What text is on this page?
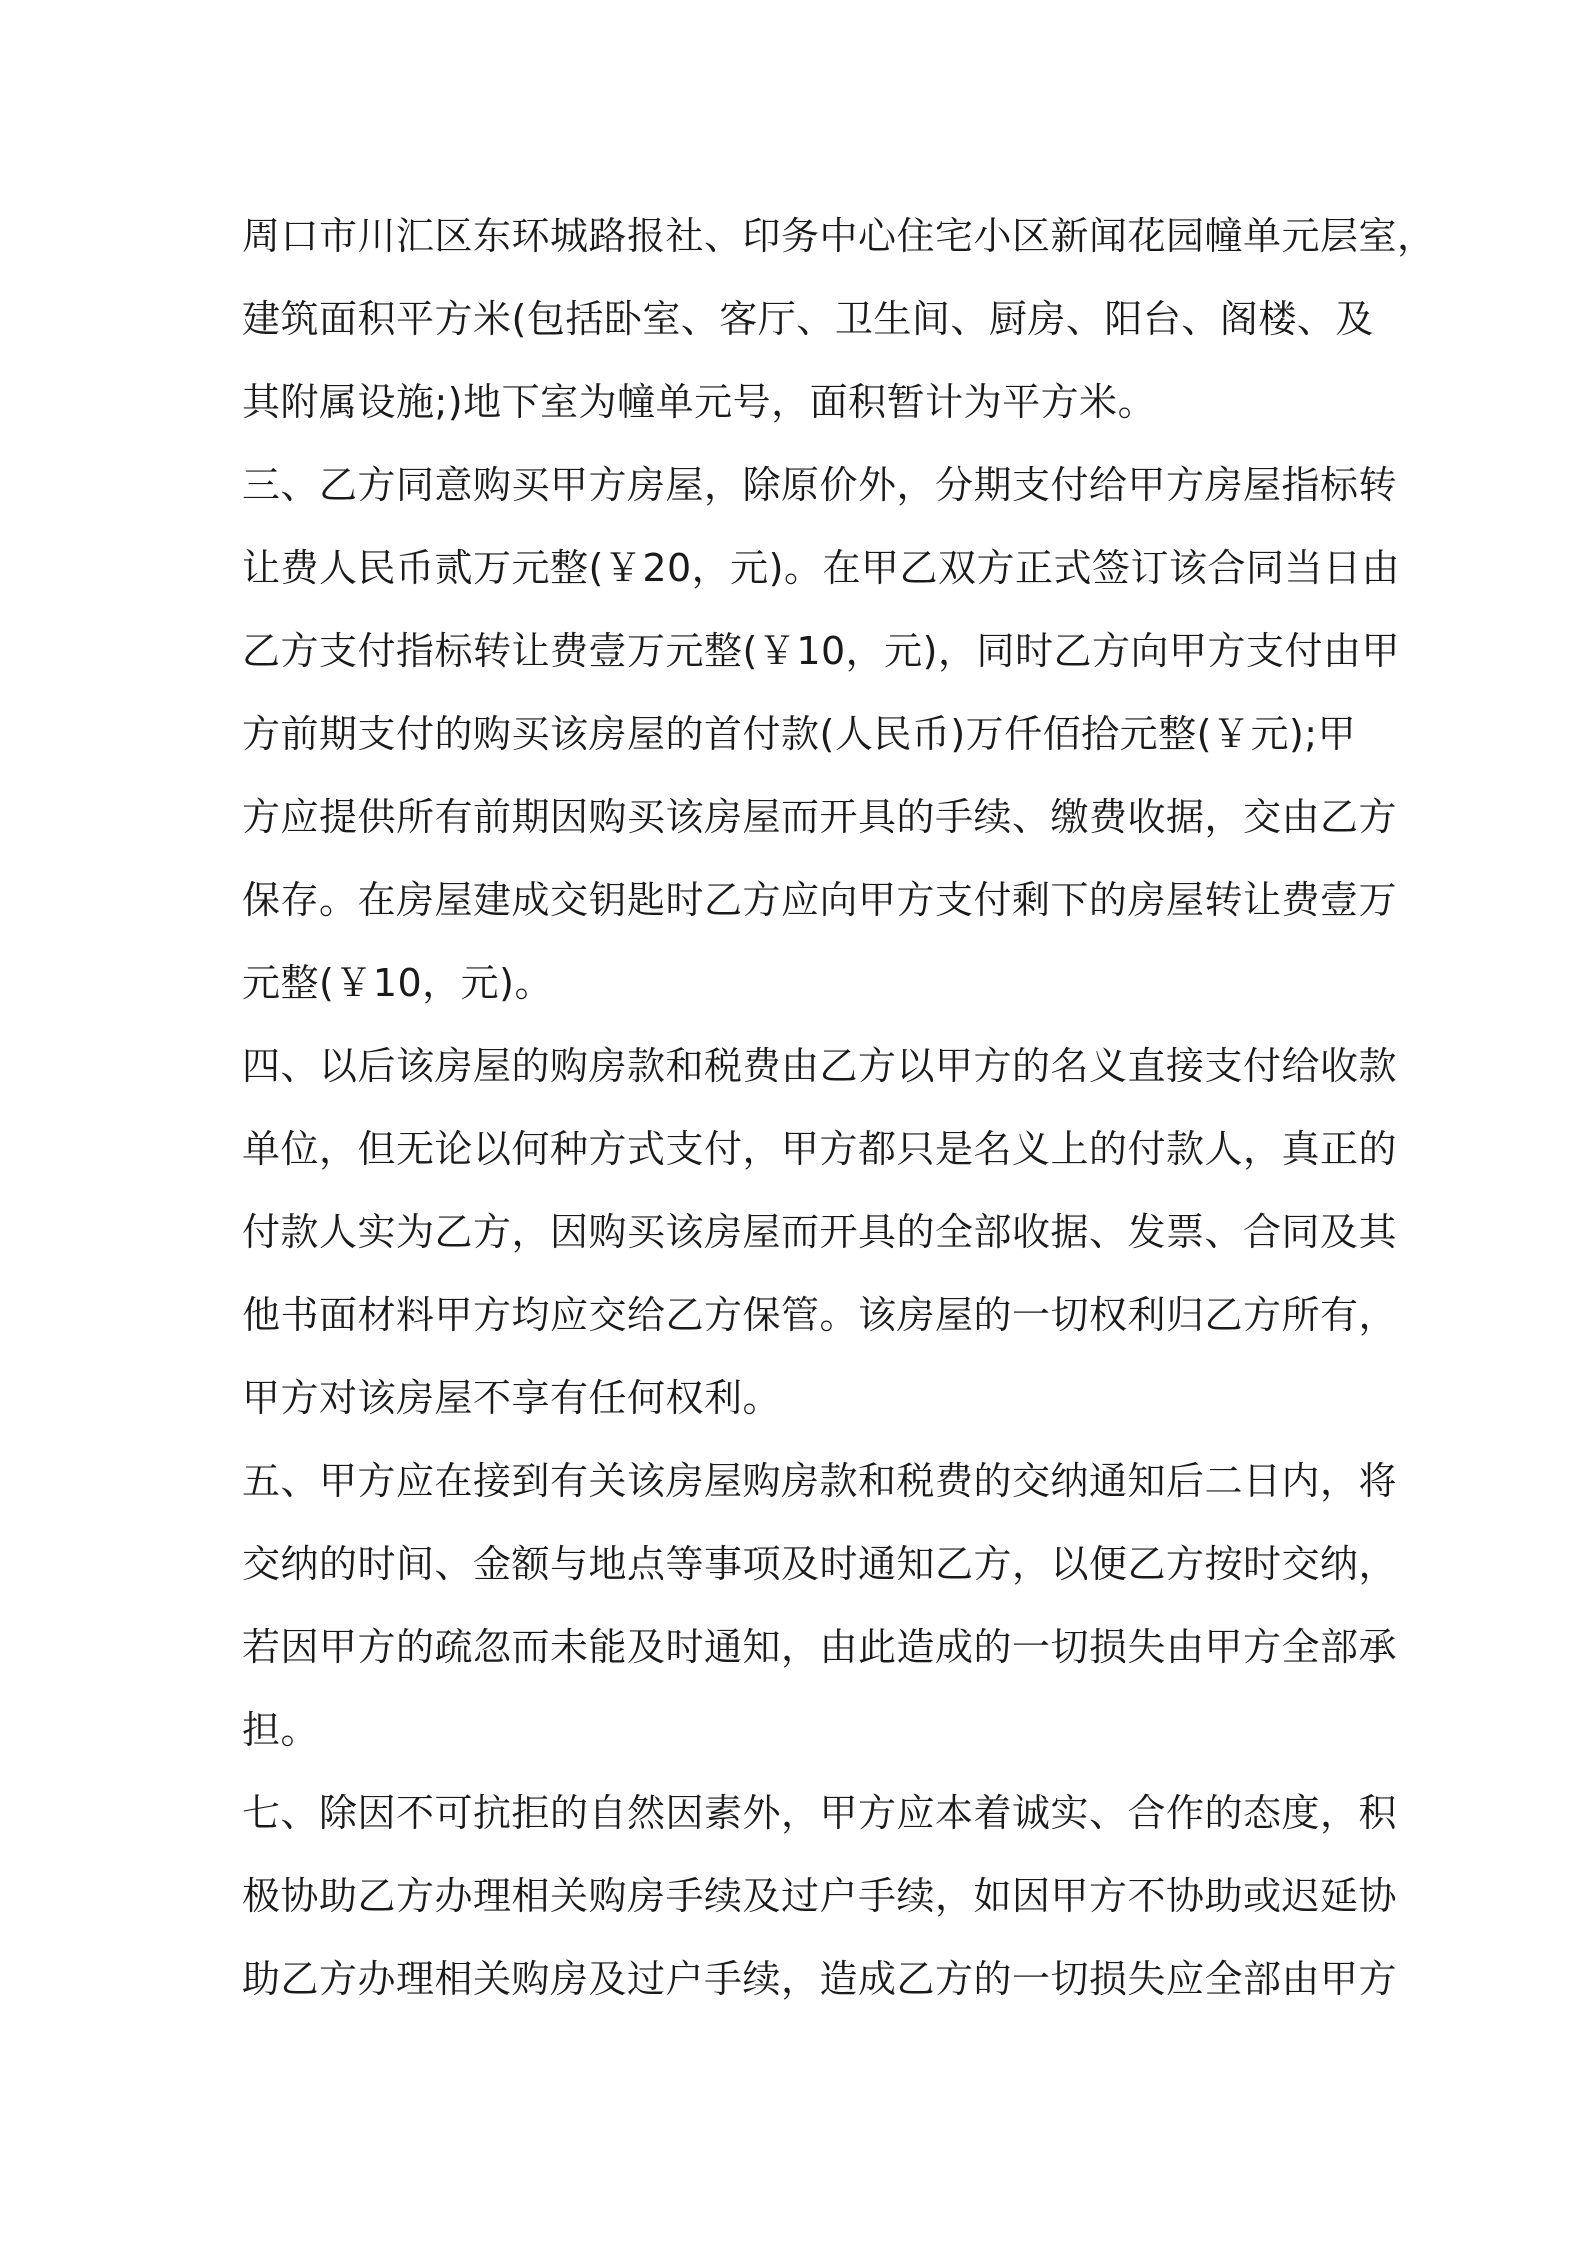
周口市川汇区东环城路报社、印务中心住宅小区新闻花园幢单元层室，
建筑面积平方米(包括卧室、客厅、卫生间、厨房、阳台、阁楼、及
其附属设施;)地下室为幢单元号，面积暂计为平方米。
三、乙方同意购买甲方房屋，除原价外，分期支付给甲方房屋指标转
让费人民币贰万元整(￥20，元)。在甲乙双方正式签订该合同当日由
乙方支付指标转让费壹万元整(￥10，元)，同时乙方向甲方支付由甲
方前期支付的购买该房屋的首付款(人民币)万仟佰拾元整(￥元);甲
方应提供所有前期因购买该房屋而开具的手续、缴费收据，交由乙方
保存。在房屋建成交钥匙时乙方应向甲方支付剩下的房屋转让费壹万
元整(￥10，元)。
四、以后该房屋的购房款和税费由乙方以甲方的名义直接支付给收款
单位，但无论以何种方式支付，甲方都只是名义上的付款人，真正的
付款人实为乙方，因购买该房屋而开具的全部收据、发票、合同及其
他书面材料甲方均应交给乙方保管。该房屋的一切权利归乙方所有，
甲方对该房屋不享有任何权利。
五、甲方应在接到有关该房屋购房款和税费的交纳通知后二日内，将
交纳的时间、金额与地点等事项及时通知乙方，以便乙方按时交纳，
若因甲方的疏忽而未能及时通知，由此造成的一切损失由甲方全部承
担。
七、除因不可抗拒的自然因素外，甲方应本着诚实、合作的态度，积
极协助乙方办理相关购房手续及过户手续，如因甲方不协助或迟延协
助乙方办理相关购房及过户手续，造成乙方的一切损失应全部由甲方
